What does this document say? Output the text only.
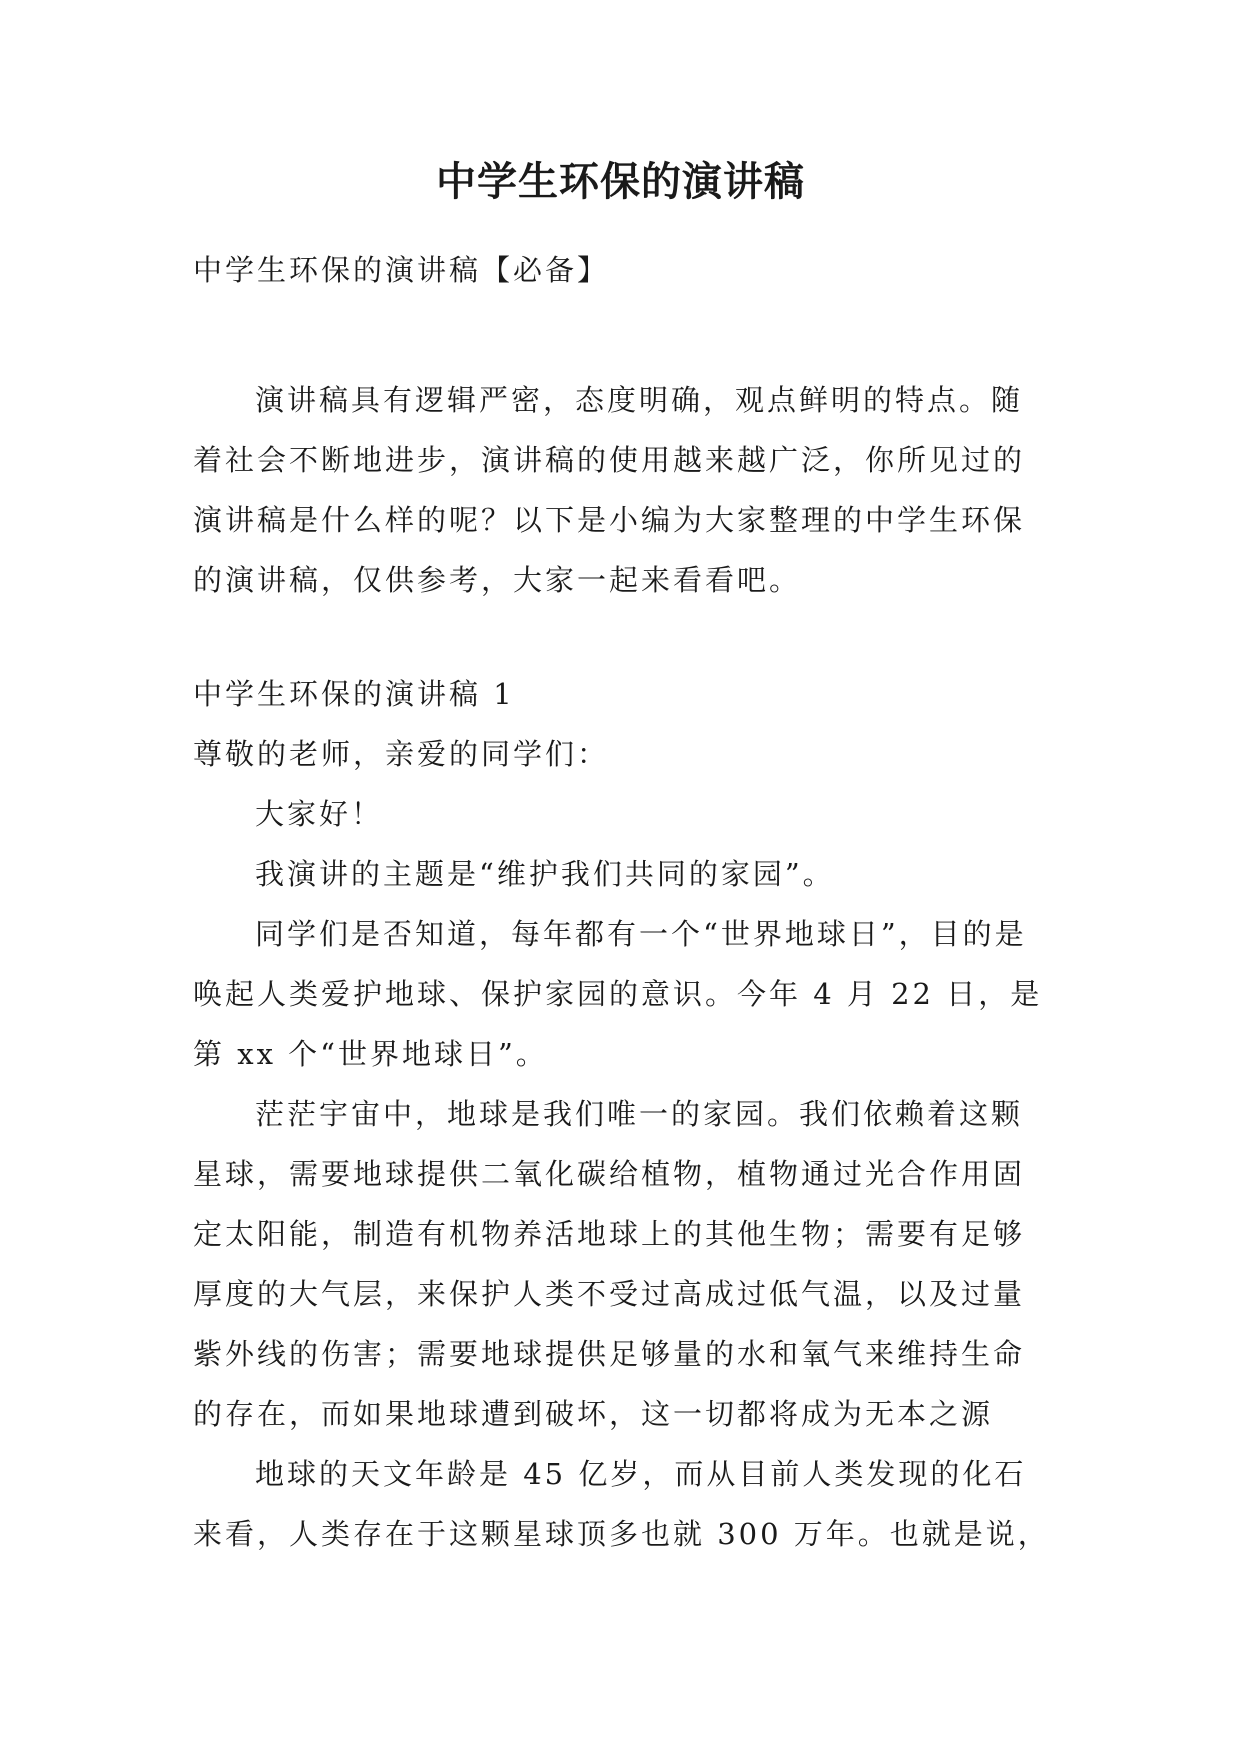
中学生环保的演讲稿

中学生环保的演讲稿【必备】

演讲稿具有逻辑严密，态度明确，观点鲜明的特点。随着社会不断地进步，演讲稿的使用越来越广泛，你所见过的演讲稿是什么样的呢？以下是小编为大家整理的中学生环保的演讲稿，仅供参考，大家一起来看看吧。

中学生环保的演讲稿 1

尊敬的老师，亲爱的同学们：

大家好！

我演讲的主题是“维护我们共同的家园”。

同学们是否知道，每年都有一个“世界地球日”，目的是唤起人类爱护地球、保护家园的意识。今年 4 月 22 日，是第 xx 个“世界地球日”。

茫茫宇宙中，地球是我们唯一的家园。我们依赖着这颗星球，需要地球提供二氧化碳给植物，植物通过光合作用固定太阳能，制造有机物养活地球上的其他生物；需要有足够厚度的大气层，来保护人类不受过高成过低气温，以及过量紫外线的伤害；需要地球提供足够量的水和氧气来维持生命的存在，而如果地球遭到破坏，这一切都将成为无本之源

地球的天文年龄是 45 亿岁，而从目前人类发现的化石来看，人类存在于这颗星球顶多也就 300 万年。也就是说，
